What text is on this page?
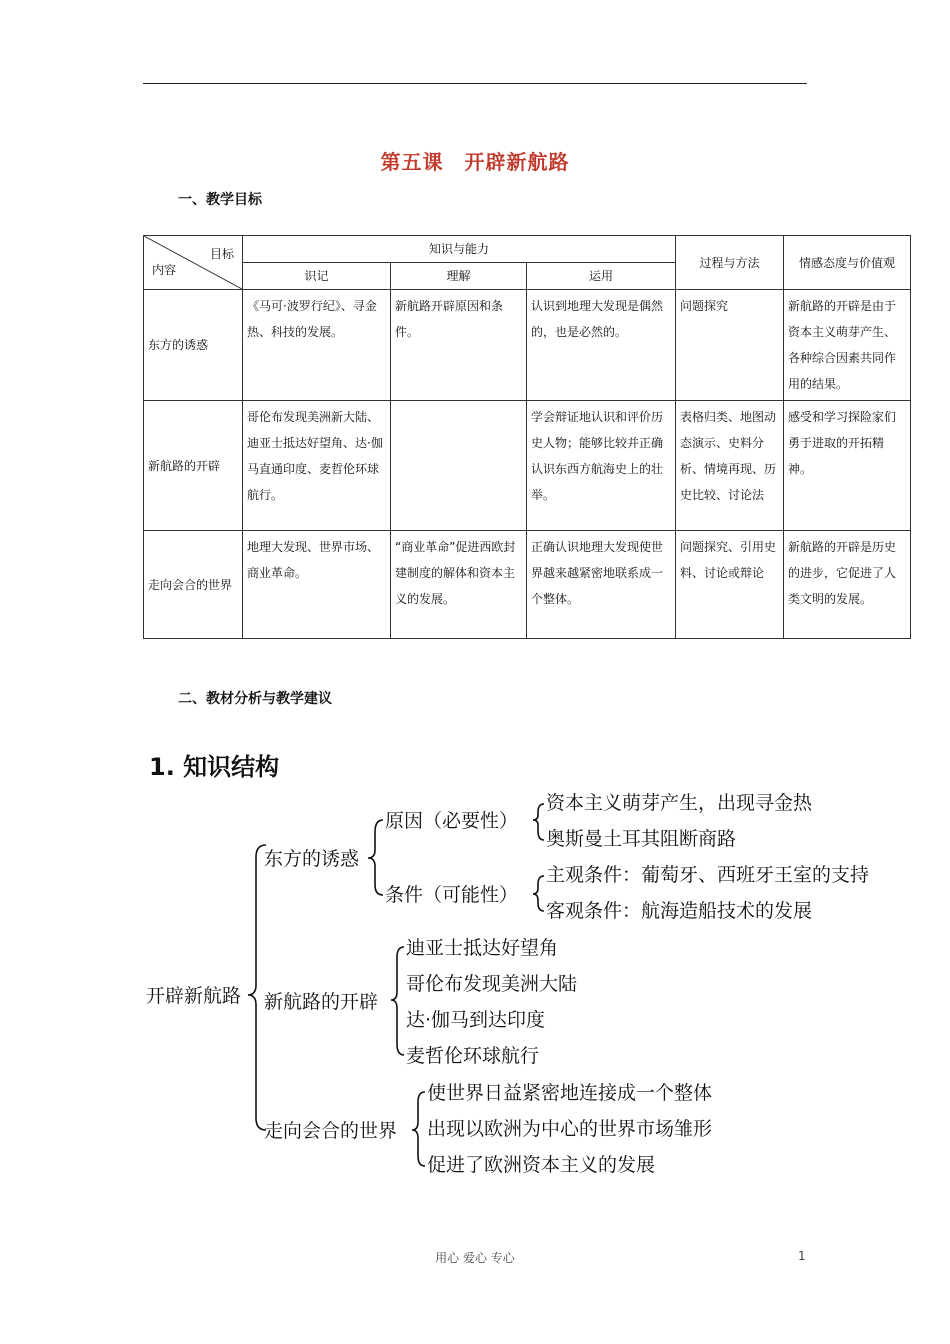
第五课　开辟新航路
一、教学目标
目标
内容	知识与能力			过程与方法	情感态度与价值观
	识记	理解	运用		
东方的诱惑	《马可·波罗行纪》、寻金热、科技的发展。	新航路开辟原因和条件。	认识到地理大发现是偶然的，也是必然的。	问题探究	新航路的开辟是由于资本主义萌芽产生、各种综合因素共同作用的结果。
新航路的开辟	哥伦布发现美洲新大陆、迪亚士抵达好望角、达·伽马直通印度、麦哲伦环球航行。		学会辩证地认识和评价历史人物；能够比较并正确认识东西方航海史上的壮举。	表格归类、地图动态演示、史料分析、情境再现、历史比较、讨论法	感受和学习探险家们勇于进取的开拓精神。
走向会合的世界	地理大发现、世界市场、商业革命。	“商业革命”促进西欧封建制度的解体和资本主义的发展。	正确认识地理大发现使世界越来越紧密地联系成一个整体。	问题探究、引用史料、讨论或辩论	新航路的开辟是历史的进步，它促进了人类文明的发展。
二、教材分析与教学建议
1. 知识结构
开辟新航路
东方的诱惑
原因（必要性）
资本主义萌芽产生，出现寻金热
奥斯曼土耳其阻断商路
条件（可能性）
主观条件：葡萄牙、西班牙王室的支持
客观条件：航海造船技术的发展
新航路的开辟
迪亚士抵达好望角
哥伦布发现美洲大陆
达·伽马到达印度
麦哲伦环球航行
走向会合的世界
使世界日益紧密地连接成一个整体
出现以欧洲为中心的世界市场雏形
促进了欧洲资本主义的发展
用心 爱心 专心	1
